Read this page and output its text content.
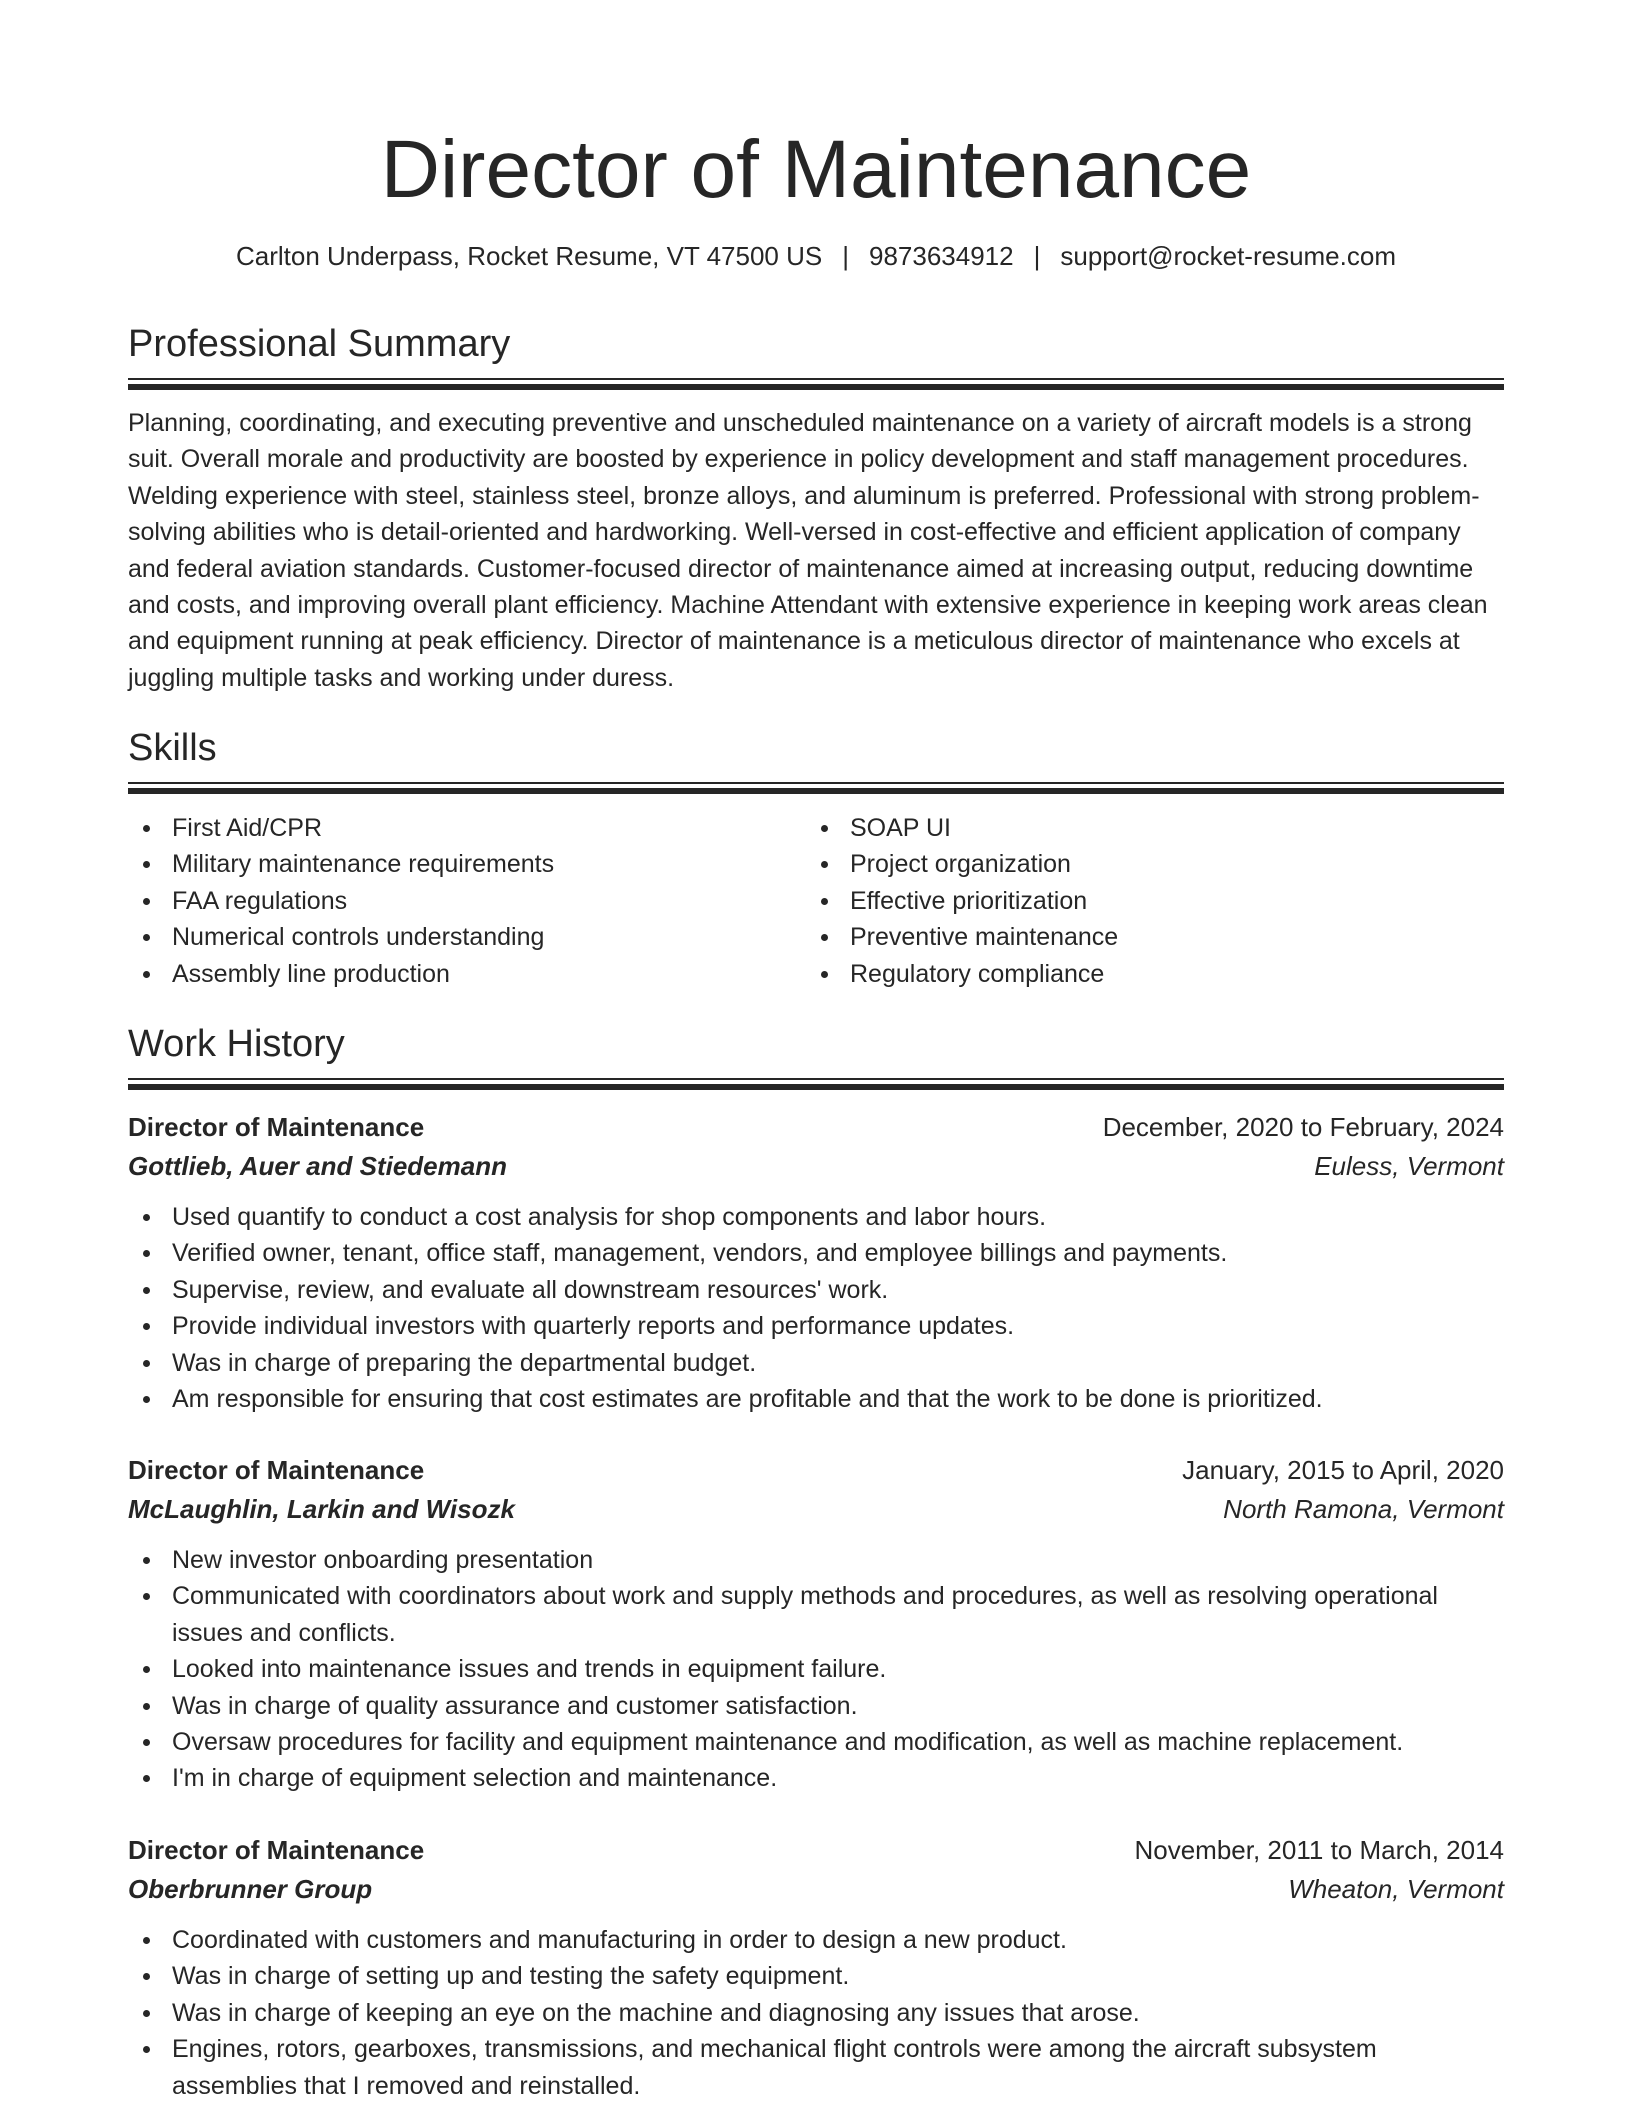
Director of Maintenance
Carlton Underpass, Rocket Resume, VT 47500 US | 9873634912 | support@rocket-resume.com
Professional Summary

Planning, coordinating, and executing preventive and unscheduled maintenance on a variety of aircraft models is a strong suit. Overall morale and productivity are boosted by experience in policy development and staff management procedures. Welding experience with steel, stainless steel, bronze alloys, and aluminum is preferred. Professional with strong problem-solving abilities who is detail-oriented and hardworking. Well-versed in cost-effective and efficient application of company and federal aviation standards. Customer-focused director of maintenance aimed at increasing output, reducing downtime and costs, and improving overall plant efficiency. Machine Attendant with extensive experience in keeping work areas clean and equipment running at peak efficiency. Director of maintenance is a meticulous director of maintenance who excels at juggling multiple tasks and working under duress.

Skills
First Aid/CPR
Military maintenance requirements
FAA regulations
Numerical controls understanding
Assembly line production
SOAP UI
Project organization
Effective prioritization
Preventive maintenance
Regulatory compliance
Work History
Director of Maintenance	December, 2020 to February, 2024
Gottlieb, Auer and Stiedemann	Euless, Vermont
Used quantify to conduct a cost analysis for shop components and labor hours.
Verified owner, tenant, office staff, management, vendors, and employee billings and payments.
Supervise, review, and evaluate all downstream resources' work.
Provide individual investors with quarterly reports and performance updates.
Was in charge of preparing the departmental budget.
Am responsible for ensuring that cost estimates are profitable and that the work to be done is prioritized.
Director of Maintenance	January, 2015 to April, 2020
McLaughlin, Larkin and Wisozk	North Ramona, Vermont
New investor onboarding presentation
Communicated with coordinators about work and supply methods and procedures, as well as resolving operational issues and conflicts.
Looked into maintenance issues and trends in equipment failure.
Was in charge of quality assurance and customer satisfaction.
Oversaw procedures for facility and equipment maintenance and modification, as well as machine replacement.
I'm in charge of equipment selection and maintenance.
Director of Maintenance	November, 2011 to March, 2014
Oberbrunner Group	Wheaton, Vermont
Coordinated with customers and manufacturing in order to design a new product.
Was in charge of setting up and testing the safety equipment.
Was in charge of keeping an eye on the machine and diagnosing any issues that arose.
Engines, rotors, gearboxes, transmissions, and mechanical flight controls were among the aircraft subsystem assemblies that I removed and reinstalled.
